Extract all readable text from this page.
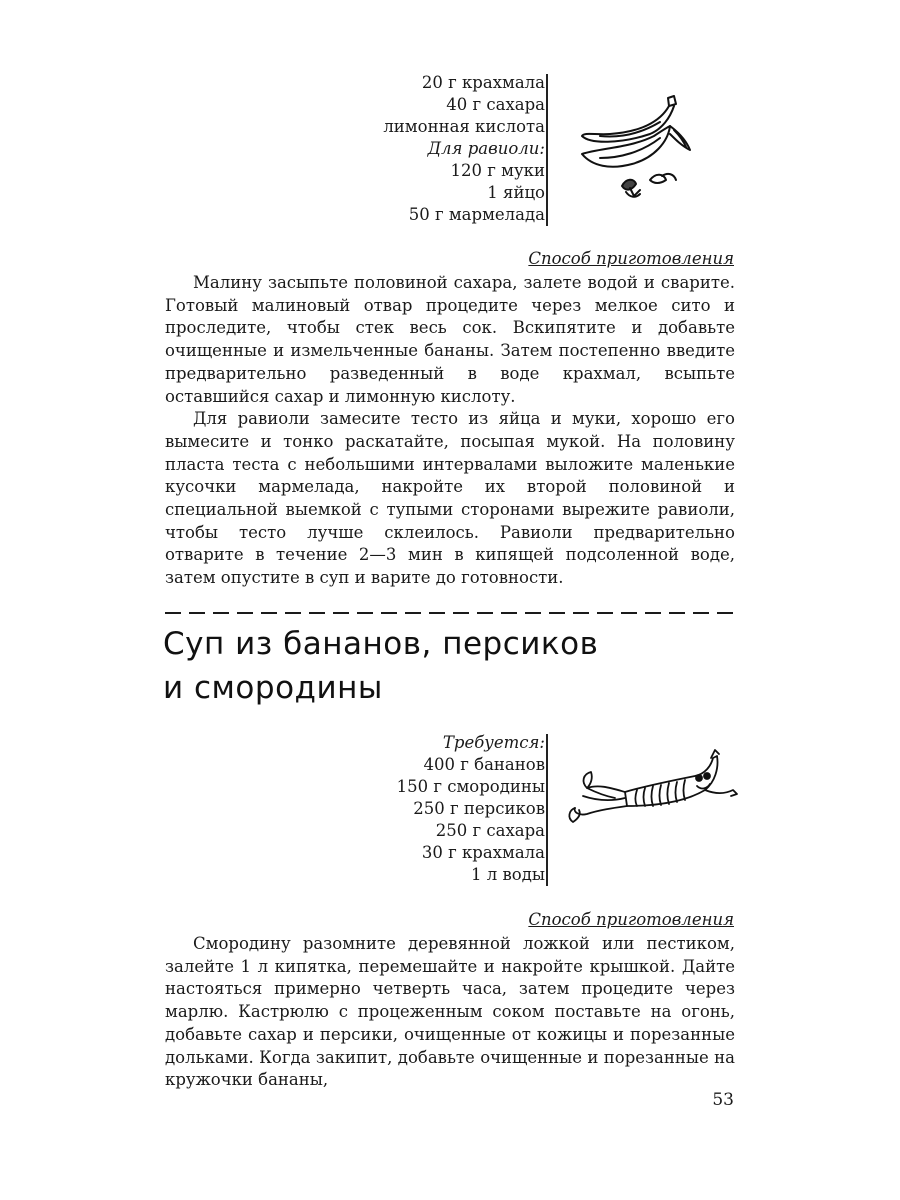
20 г крахмала
40 г сахара
лимонная кислота
Для равиоли:
120 г муки
1 яйцо
50 г мармелада
Способ приготовления

Малину засыпьте половиной сахара, залете водой и сварите. Готовый малиновый отвар процедите через мелкое сито и проследите, чтобы стек весь сок. Вскипятите и добавьте очищенные и измельченные бананы. Затем постепенно введите предварительно разведенный в воде крахмал, всыпьте оставшийся сахар и лимонную кислоту.

Для равиоли замесите тесто из яйца и муки, хорошо его вымесите и тонко раскатайте, посыпая мукой. На половину пласта теста с небольшими интервалами выложите маленькие кусочки мармелада, накройте их второй половиной и специальной выемкой с тупыми сторонами вырежите равиоли, чтобы тесто лучше склеилось. Равиоли предварительно отварите в течение 2—3 мин в кипящей подсоленной воде, затем опустите в суп и варите до готовности.

Суп из бананов, персиков
и смородины
Требуется:
400 г бананов
150 г смородины
250 г персиков
250 г сахара
30 г крахмала
1 л воды
Способ приготовления

Смородину разомните деревянной ложкой или пестиком, залейте 1 л кипятка, перемешайте и накройте крышкой. Дайте настояться примерно четверть часа, затем процедите через марлю. Кастрюлю с процеженным соком поставьте на огонь, добавьте сахар и персики, очищенные от кожицы и порезанные дольками. Когда закипит, добавьте очищенные и порезанные на кружочки бананы,

53
